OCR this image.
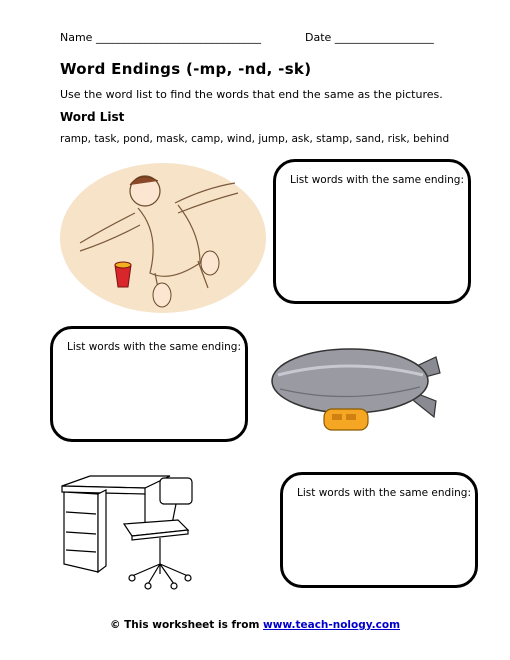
Name ______________________________	Date __________________
Word Endings (-mp, -nd, -sk)
Use the word list to find the words that end the same as the pictures.
Word List
ramp, task, pond, mask, camp, wind, jump, ask, stamp, sand, risk, behind
List words with the same ending:
List words with the same ending:
List words with the same ending:
© This worksheet is from www.teach-nology.com
